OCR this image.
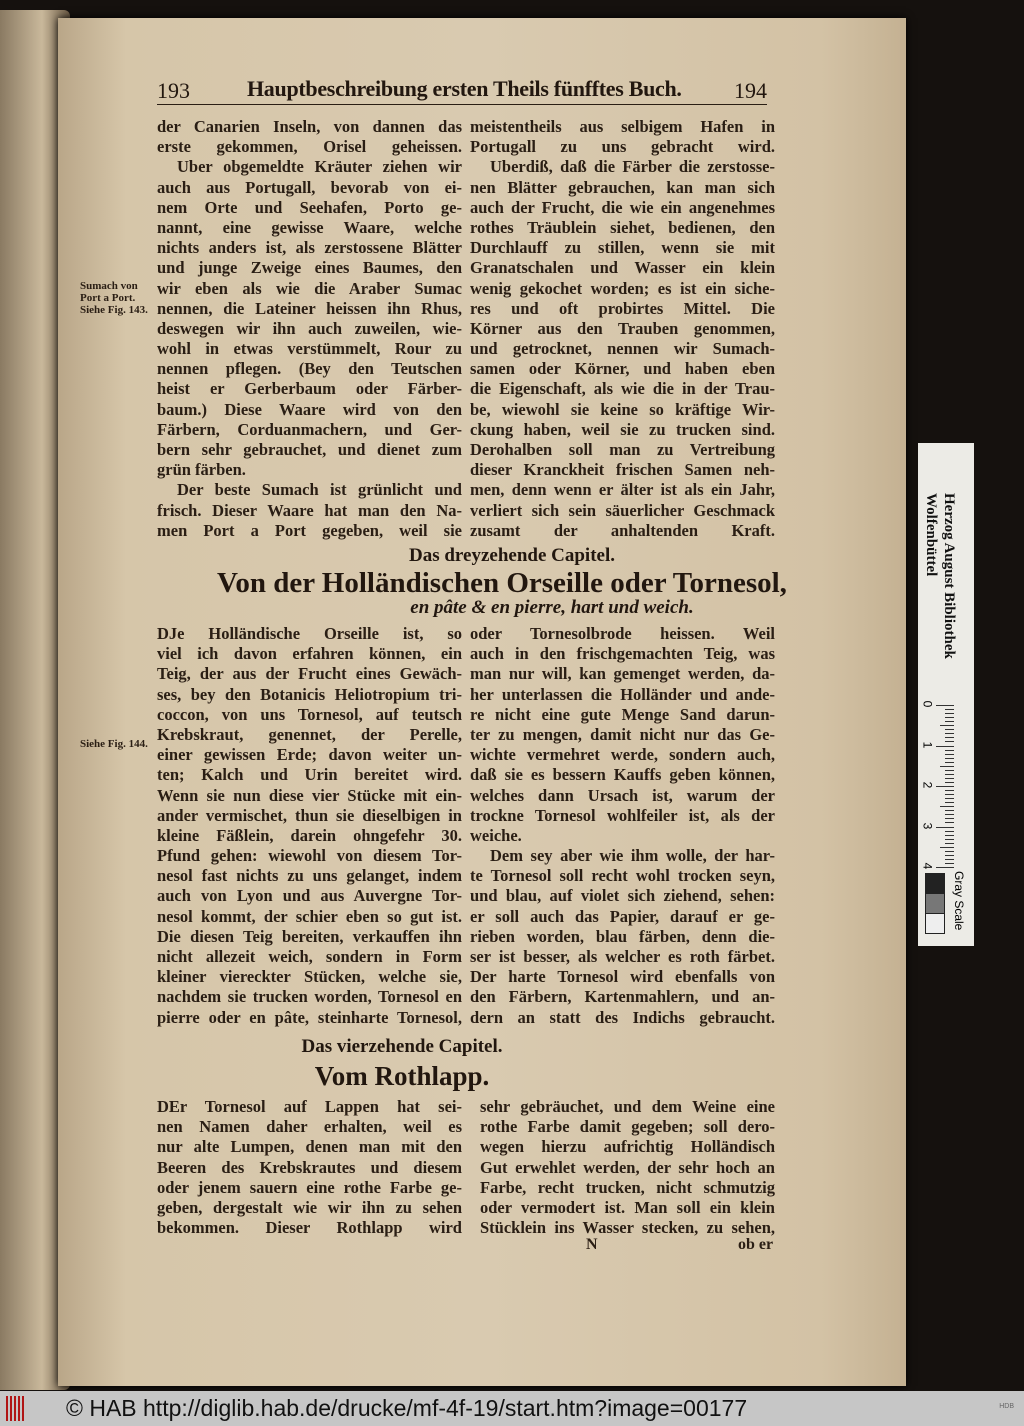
193	Hauptbeschreibung ersten Theils fünfftes Buch. 194
der Canarien Inseln, von dannen das
erste gekommen, Orisel geheissen.
Uber obgemeldte Kräuter ziehen wir
auch aus Portugall, bevorab von ei-
nem Orte und Seehafen, Porto ge-
nannt, eine gewisse Waare, welche
nichts anders ist, als zerstossene Blätter
und junge Zweige eines Baumes, den
wir eben als wie die Araber Sumac
nennen, die Lateiner heissen ihn Rhus,
deswegen wir ihn auch zuweilen, wie-
wohl in etwas verstümmelt, Rour zu
nennen pflegen. (Bey den Teutschen
heist er Gerberbaum oder Färber-
baum.) Diese Waare wird von den
Färbern, Corduanmachern, und Ger-
bern sehr gebrauchet, und dienet zum
grün färben.
Der beste Sumach ist grünlicht und
frisch. Dieser Waare hat man den Na-
men Port a Port gegeben, weil sie
meistentheils aus selbigem Hafen in
Portugall zu uns gebracht wird.
Uberdiß, daß die Färber die zerstosse-
nen Blätter gebrauchen, kan man sich
auch der Frucht, die wie ein angenehmes
rothes Träublein siehet, bedienen, den
Durchlauff zu stillen, wenn sie mit
Granatschalen und Wasser ein klein
wenig gekochet worden; es ist ein siche-
res und oft probirtes Mittel. Die
Körner aus den Trauben genommen,
und getrocknet, nennen wir Sumach-
samen oder Körner, und haben eben
die Eigenschaft, als wie die in der Trau-
be, wiewohl sie keine so kräftige Wir-
ckung haben, weil sie zu trucken sind.
Derohalben soll man zu Vertreibung
dieser Kranckheit frischen Samen neh-
men, denn wenn er älter ist als ein Jahr,
verliert sich sein säuerlicher Geschmack
zusamt der anhaltenden Kraft.
Sumach von
Port a Port.
Siehe Fig. 143.
Das dreyzehende Capitel.
Von der Holländischen Orseille oder Tornesol,
en pâte & en pierre, hart und weich.
DJe Holländische Orseille ist, so
viel ich davon erfahren können, ein
Teig, der aus der Frucht eines Gewäch-
ses, bey den Botanicis Heliotropium tri-
coccon, von uns Tornesol, auf teutsch
Krebskraut, genennet, der Perelle,
einer gewissen Erde; davon weiter un-
ten; Kalch und Urin bereitet wird.
Wenn sie nun diese vier Stücke mit ein-
ander vermischet, thun sie dieselbigen in
kleine Fäßlein, darein ohngefehr 30.
Pfund gehen: wiewohl von diesem Tor-
nesol fast nichts zu uns gelanget, indem
auch von Lyon und aus Auvergne Tor-
nesol kommt, der schier eben so gut ist.
Die diesen Teig bereiten, verkauffen ihn
nicht allezeit weich, sondern in Form
kleiner viereckter Stücken, welche sie,
nachdem sie trucken worden, Tornesol en
pierre oder en pâte, steinharte Tornesol,
oder Tornesolbrode heissen. Weil
auch in den frischgemachten Teig, was
man nur will, kan gemenget werden, da-
her unterlassen die Holländer und ande-
re nicht eine gute Menge Sand darun-
ter zu mengen, damit nicht nur das Ge-
wichte vermehret werde, sondern auch,
daß sie es bessern Kauffs geben können,
welches dann Ursach ist, warum der
trockne Tornesol wohlfeiler ist, als der
weiche.
Dem sey aber wie ihm wolle, der har-
te Tornesol soll recht wohl trocken seyn,
und blau, auf violet sich ziehend, sehen:
er soll auch das Papier, darauf er ge-
rieben worden, blau färben, denn die-
ser ist besser, als welcher es roth färbet.
Der harte Tornesol wird ebenfalls von
den Färbern, Kartenmahlern, und an-
dern an statt des Indichs gebraucht.
Siehe Fig. 144.
Das vierzehende Capitel.
Vom Rothlapp.
DEr Tornesol auf Lappen hat sei-
nen Namen daher erhalten, weil es
nur alte Lumpen, denen man mit den
Beeren des Krebskrautes und diesem
oder jenem sauern eine rothe Farbe ge-
geben, dergestalt wie wir ihn zu sehen
bekommen. Dieser Rothlapp wird
sehr gebräuchet, und dem Weine eine
rothe Farbe damit gegeben; soll dero-
wegen hierzu aufrichtig Holländisch
Gut erwehlet werden, der sehr hoch an
Farbe, recht trucken, nicht schmutzig
oder vermodert ist. Man soll ein klein
Stücklein ins Wasser stecken, zu sehen,
N	ob er
Herzog August Bibliothek
Wolfenbüttel
0
1
2
3
4
Gray Scale
© HAB http://diglib.hab.de/drucke/mf-4f-19/start.htm?image=00177	HDB
